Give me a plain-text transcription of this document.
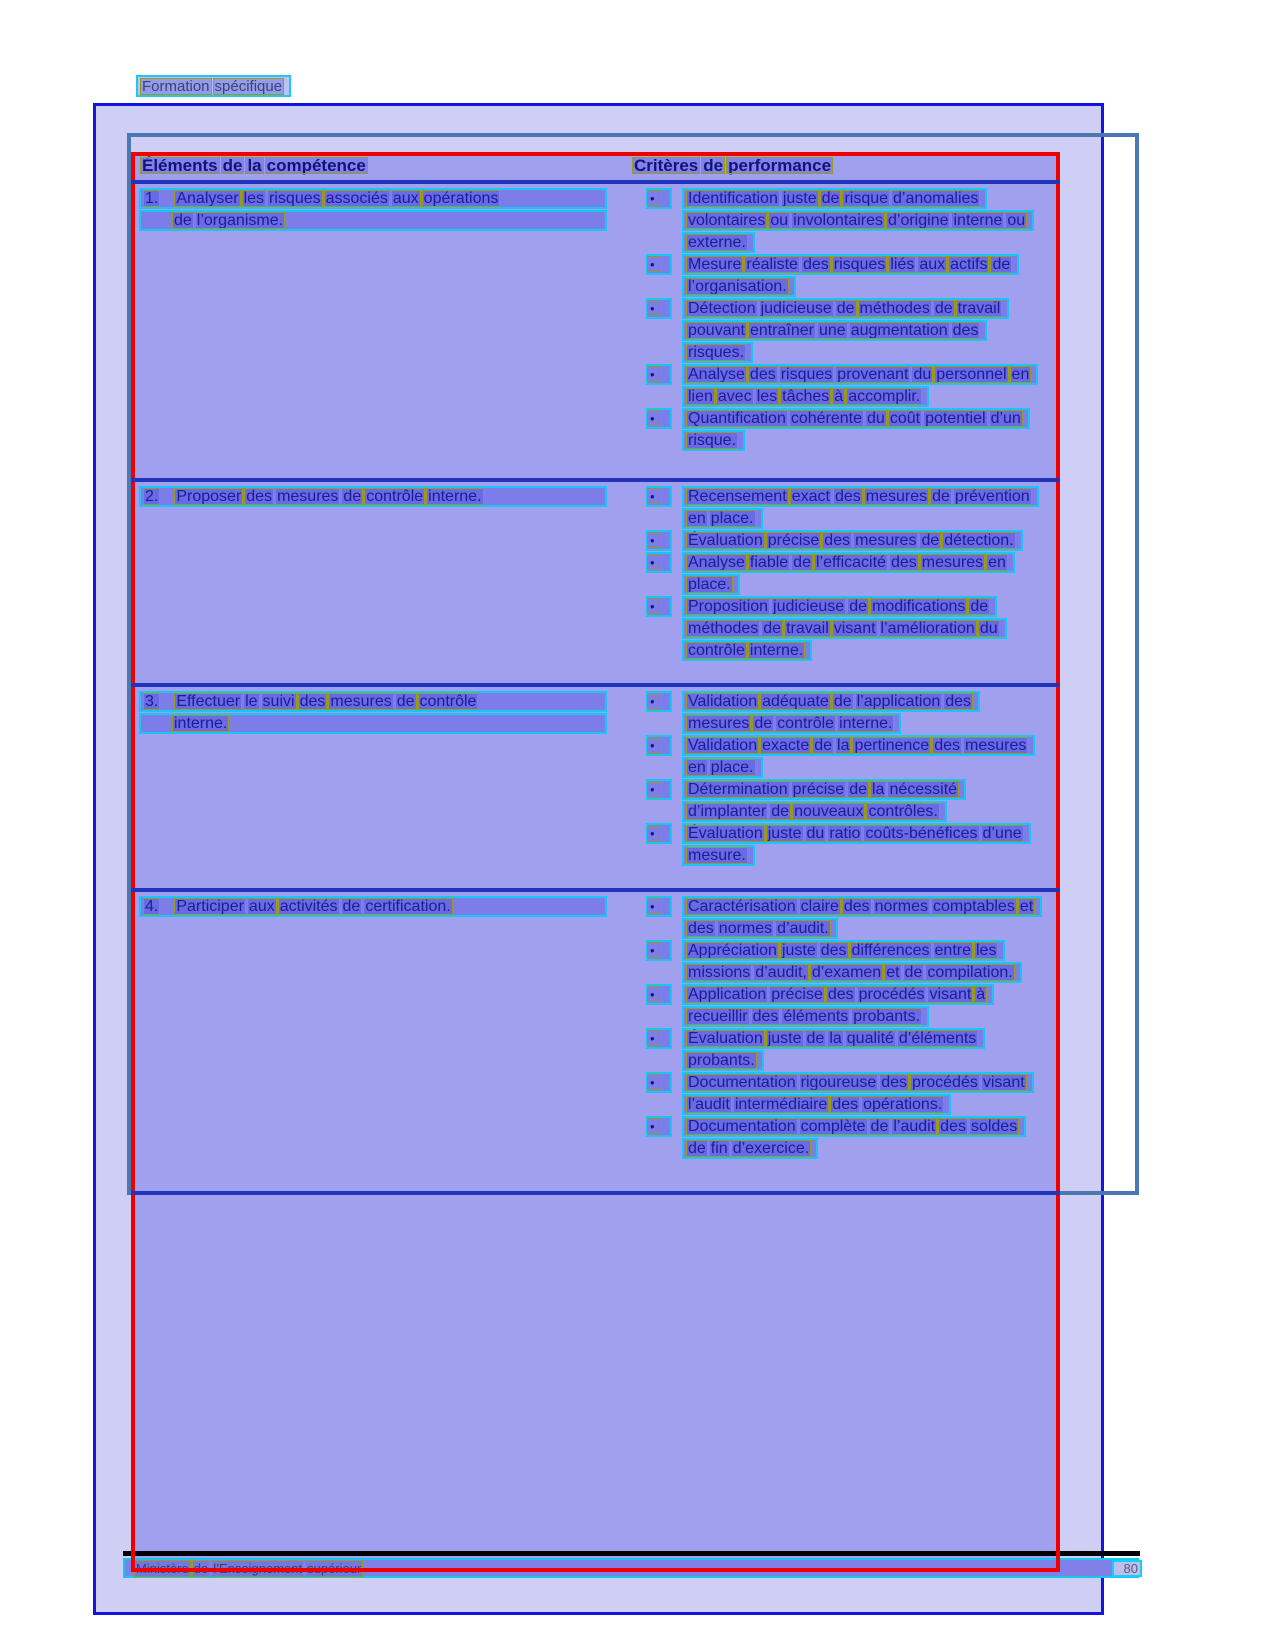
Formation spécifique
Éléments de la compétence	Critères de performance
1. Analyser les risques associés aux opérations
de l’organisme.
•	Identification juste de risque d’anomalies
volontaires ou involontaires d’origine interne ou
externe.
•	Mesure réaliste des risques liés aux actifs de
l’organisation.
•	Détection judicieuse de méthodes de travail
pouvant entraîner une augmentation des
risques.
•	Analyse des risques provenant du personnel en
lien avec les tâches à accomplir.
•	Quantification cohérente du coût potentiel d’un
risque.
2. Proposer des mesures de contrôle interne.	•	Recensement exact des mesures de prévention
en place.
•	Évaluation précise des mesures de détection.
•	Analyse fiable de l’efficacité des mesures en
place.
•	Proposition judicieuse de modifications de
méthodes de travail visant l’amélioration du
contrôle interne.
3. Effectuer le suivi des mesures de contrôle
interne.
•	Validation adéquate de l’application des
mesures de contrôle interne.
•	Validation exacte de la pertinence des mesures
en place.
•	Détermination précise de la nécessité
d’implanter de nouveaux contrôles.
•	Évaluation juste du ratio coûts-bénéfices d’une
mesure.
4. Participer aux activités de certification.	•	Caractérisation claire des normes comptables et
des normes d’audit.
•	Appréciation juste des différences entre les
missions d’audit, d’examen et de compilation.
•	Application précise des procédés visant à
recueillir des éléments probants.
•	Évaluation juste de la qualité d’éléments
probants.
•	Documentation rigoureuse des procédés visant
l’audit intermédiaire des opérations.
•	Documentation complète de l’audit des soldes
de fin d’exercice.
Ministère de l’Enseignement supérieur	80
